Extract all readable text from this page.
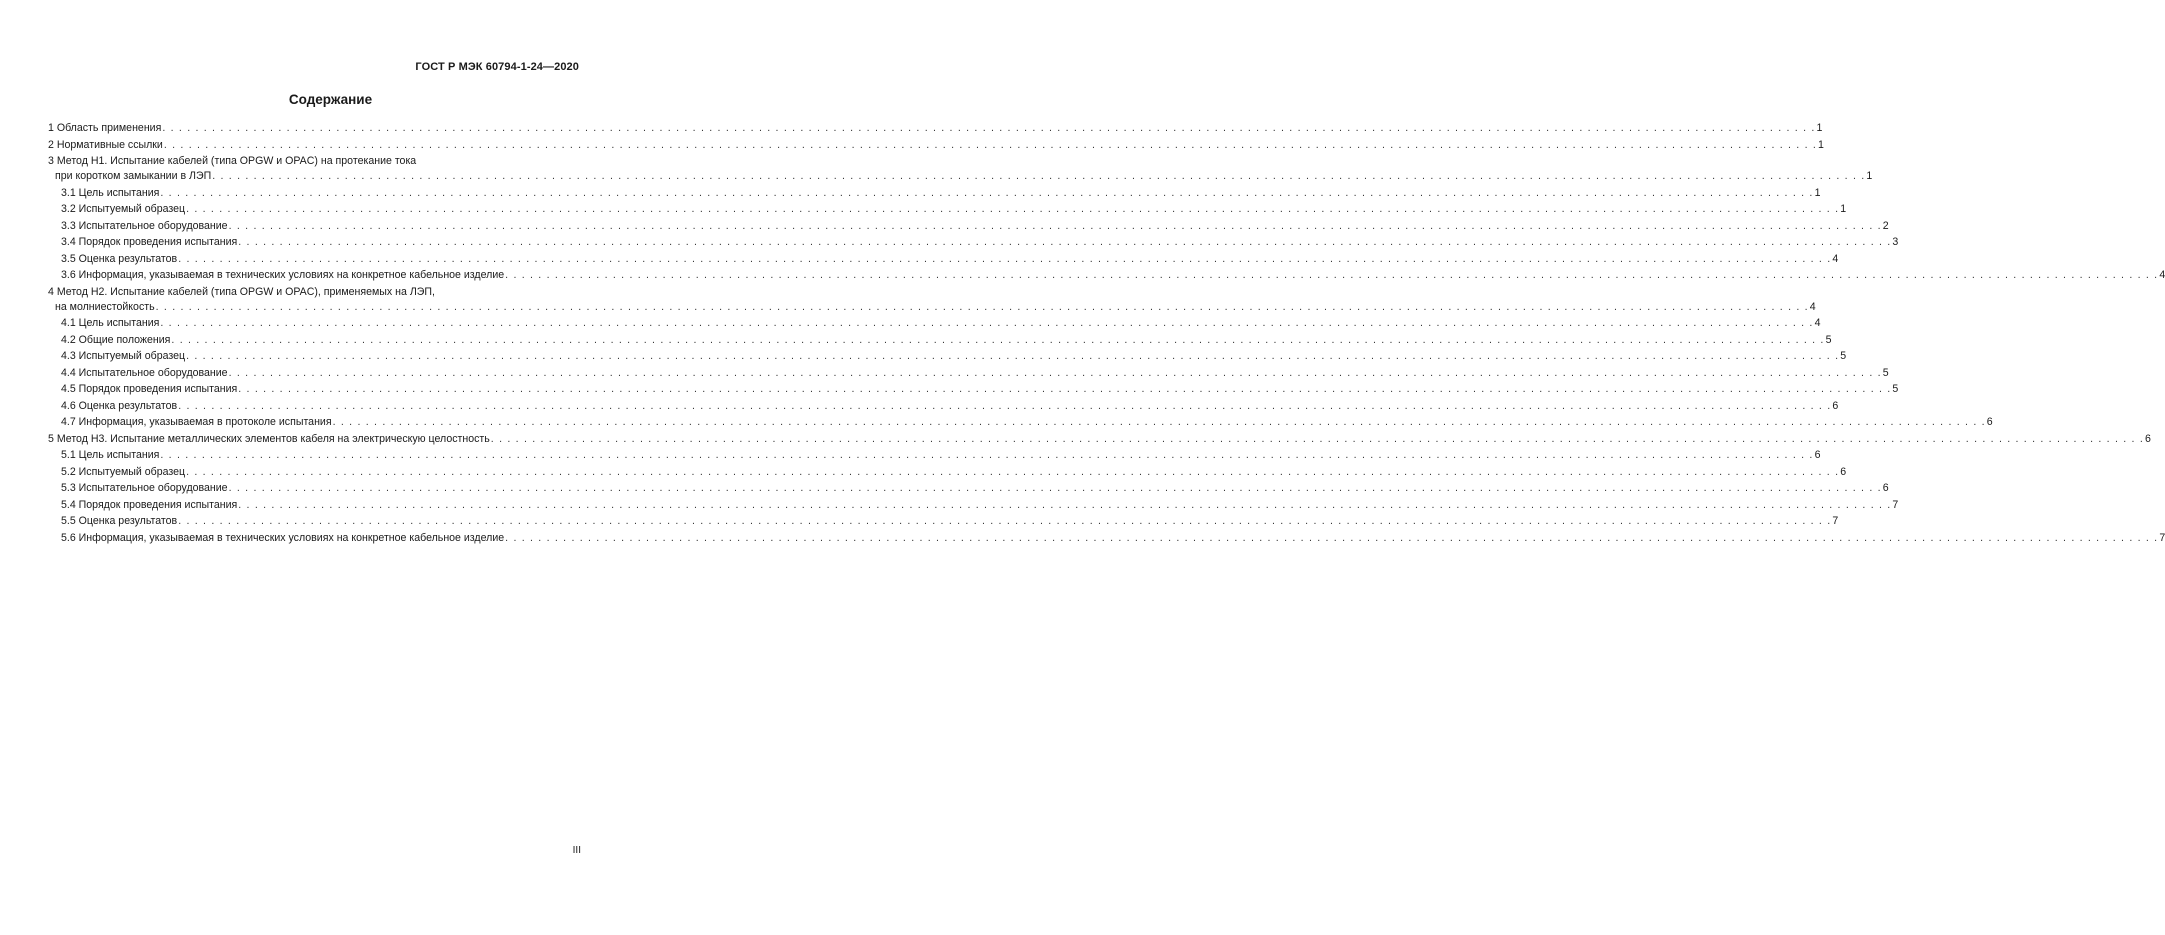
ГОСТ Р МЭК 60794-1-24—2020
Содержание
1 Область применения . . . . . . . . . . . . . . . . . . . . . . . . . . . . . . . . . . . . . . . . . . . . . . . . . . . . . . . . . . . . . . . . . . . . . . . . . . . . . . . . . . . . . . . . . . . . . . . . . . . . . . . . . . . . . . . . . . . . . . . . . . . . . . . . . . . . . . . . . . . . . . . . . . . . . . . . . . . . . . . . . . . . . . . . . . . . . . . . . . . . . . . . . . . . . . . . . . . . . . . . 1
2 Нормативные ссылки . . . . . . . . . . . . . . . . . . . . . . . . . . . . . . . . . . . . . . . . . . . . . . . . . . . . . . . . . . . . . . . . . . . . . . . . . . . . . . . . . . . . . . . . . . . . . . . . . . . . . . . . . . . . . . . . . . . . . . . . . . . . . . . . . . . . . . . . . . . . . . . . . . . . . . . . . . . . . . . . . . . . . . . . . . . . . . . . . . . . . . . . . . . . . . . . . . . . . . . . 1
3 Метод H1. Испытание кабелей (типа OPGW и OPAC) на протекание тока
при коротком замыкании в ЛЭП . . . . . . . . . . . . . . . . . . . . . . . . . . . . . . . . . . . . . . . . . . . . . . . . . . . . . . . . . . . . . . . . . . . . . . . . . . . . . . . . . . . . . . . . . . . . . . . . . . . . . . . . . . . . . . . . . . . . . . . . . . . . . . . . . . . . . . . . . . . . . . . . . . . . . . . . . . . . . . . . . . . . . . . . . . . . . . . . . . . . . . . . . . . . . . . . . . . . . . . . 1
3.1 Цель испытания . . . . . . . . . . . . . . . . . . . . . . . . . . . . . . . . . . . . . . . . . . . . . . . . . . . . . . . . . . . . . . . . . . . . . . . . . . . . . . . . . . . . . . . . . . . . . . . . . . . . . . . . . . . . . . . . . . . . . . . . . . . . . . . . . . . . . . . . . . . . . . . . . . . . . . . . . . . . . . . . . . . . . . . . . . . . . . . . . . . . . . . . . . . . . . . . . . . . . . . . 1
3.2 Испытуемый образец . . . . . . . . . . . . . . . . . . . . . . . . . . . . . . . . . . . . . . . . . . . . . . . . . . . . . . . . . . . . . . . . . . . . . . . . . . . . . . . . . . . . . . . . . . . . . . . . . . . . . . . . . . . . . . . . . . . . . . . . . . . . . . . . . . . . . . . . . . . . . . . . . . . . . . . . . . . . . . . . . . . . . . . . . . . . . . . . . . . . . . . . . . . . . . . . . . . . . . . . 1
3.3 Испытательное оборудование . . . . . . . . . . . . . . . . . . . . . . . . . . . . . . . . . . . . . . . . . . . . . . . . . . . . . . . . . . . . . . . . . . . . . . . . . . . . . . . . . . . . . . . . . . . . . . . . . . . . . . . . . . . . . . . . . . . . . . . . . . . . . . . . . . . . . . . . . . . . . . . . . . . . . . . . . . . . . . . . . . . . . . . . . . . . . . . . . . . . . . . . . . . . . . . . . . . . . . . . 2
3.4 Порядок проведения испытания . . . . . . . . . . . . . . . . . . . . . . . . . . . . . . . . . . . . . . . . . . . . . . . . . . . . . . . . . . . . . . . . . . . . . . . . . . . . . . . . . . . . . . . . . . . . . . . . . . . . . . . . . . . . . . . . . . . . . . . . . . . . . . . . . . . . . . . . . . . . . . . . . . . . . . . . . . . . . . . . . . . . . . . . . . . . . . . . . . . . . . . . . . . . . . . . . . . . . . . . 3
3.5 Оценка результатов . . . . . . . . . . . . . . . . . . . . . . . . . . . . . . . . . . . . . . . . . . . . . . . . . . . . . . . . . . . . . . . . . . . . . . . . . . . . . . . . . . . . . . . . . . . . . . . . . . . . . . . . . . . . . . . . . . . . . . . . . . . . . . . . . . . . . . . . . . . . . . . . . . . . . . . . . . . . . . . . . . . . . . . . . . . . . . . . . . . . . . . . . . . . . . . . . . . . . . . . 4
3.6 Информация, указываемая в технических условиях на конкретное кабельное изделие . . . . . . . . . . . . . . . . . . . . . . . . . . . . . . . . . . . . . . . . . . . . . . . . . . . . . . . . . . . . . . . . . . . . . . . . . . . . . . . . . . . . . . . . . . . . . . . . . . . . . . . . . . . . . . . . . . . . . . . . . . . . . . . . . . . . . . . . . . . . . . . . . . . . . . . . . . . . . . . . . . . . . . . . . . . . . . . . . . . . . . . . . . . . . . . . . . . . . . . . 4
4 Метод H2. Испытание кабелей (типа OPGW и OPAC), применяемых на ЛЭП,
на молниестойкость . . . . . . . . . . . . . . . . . . . . . . . . . . . . . . . . . . . . . . . . . . . . . . . . . . . . . . . . . . . . . . . . . . . . . . . . . . . . . . . . . . . . . . . . . . . . . . . . . . . . . . . . . . . . . . . . . . . . . . . . . . . . . . . . . . . . . . . . . . . . . . . . . . . . . . . . . . . . . . . . . . . . . . . . . . . . . . . . . . . . . . . . . . . . . . . . . . . . . . . . 4
4.1 Цель испытания . . . . . . . . . . . . . . . . . . . . . . . . . . . . . . . . . . . . . . . . . . . . . . . . . . . . . . . . . . . . . . . . . . . . . . . . . . . . . . . . . . . . . . . . . . . . . . . . . . . . . . . . . . . . . . . . . . . . . . . . . . . . . . . . . . . . . . . . . . . . . . . . . . . . . . . . . . . . . . . . . . . . . . . . . . . . . . . . . . . . . . . . . . . . . . . . . . . . . . . . 4
4.2 Общие положения . . . . . . . . . . . . . . . . . . . . . . . . . . . . . . . . . . . . . . . . . . . . . . . . . . . . . . . . . . . . . . . . . . . . . . . . . . . . . . . . . . . . . . . . . . . . . . . . . . . . . . . . . . . . . . . . . . . . . . . . . . . . . . . . . . . . . . . . . . . . . . . . . . . . . . . . . . . . . . . . . . . . . . . . . . . . . . . . . . . . . . . . . . . . . . . . . . . . . . . . 5
4.3 Испытуемый образец . . . . . . . . . . . . . . . . . . . . . . . . . . . . . . . . . . . . . . . . . . . . . . . . . . . . . . . . . . . . . . . . . . . . . . . . . . . . . . . . . . . . . . . . . . . . . . . . . . . . . . . . . . . . . . . . . . . . . . . . . . . . . . . . . . . . . . . . . . . . . . . . . . . . . . . . . . . . . . . . . . . . . . . . . . . . . . . . . . . . . . . . . . . . . . . . . . . . . . . . 5
4.4 Испытательное оборудование . . . . . . . . . . . . . . . . . . . . . . . . . . . . . . . . . . . . . . . . . . . . . . . . . . . . . . . . . . . . . . . . . . . . . . . . . . . . . . . . . . . . . . . . . . . . . . . . . . . . . . . . . . . . . . . . . . . . . . . . . . . . . . . . . . . . . . . . . . . . . . . . . . . . . . . . . . . . . . . . . . . . . . . . . . . . . . . . . . . . . . . . . . . . . . . . . . . . . . . . 5
4.5 Порядок проведения испытания . . . . . . . . . . . . . . . . . . . . . . . . . . . . . . . . . . . . . . . . . . . . . . . . . . . . . . . . . . . . . . . . . . . . . . . . . . . . . . . . . . . . . . . . . . . . . . . . . . . . . . . . . . . . . . . . . . . . . . . . . . . . . . . . . . . . . . . . . . . . . . . . . . . . . . . . . . . . . . . . . . . . . . . . . . . . . . . . . . . . . . . . . . . . . . . . . . . . . . . . 5
4.6 Оценка результатов . . . . . . . . . . . . . . . . . . . . . . . . . . . . . . . . . . . . . . . . . . . . . . . . . . . . . . . . . . . . . . . . . . . . . . . . . . . . . . . . . . . . . . . . . . . . . . . . . . . . . . . . . . . . . . . . . . . . . . . . . . . . . . . . . . . . . . . . . . . . . . . . . . . . . . . . . . . . . . . . . . . . . . . . . . . . . . . . . . . . . . . . . . . . . . . . . . . . . . . . 6
4.7 Информация, указываемая в протоколе испытания . . . . . . . . . . . . . . . . . . . . . . . . . . . . . . . . . . . . . . . . . . . . . . . . . . . . . . . . . . . . . . . . . . . . . . . . . . . . . . . . . . . . . . . . . . . . . . . . . . . . . . . . . . . . . . . . . . . . . . . . . . . . . . . . . . . . . . . . . . . . . . . . . . . . . . . . . . . . . . . . . . . . . . . . . . . . . . . . . . . . . . . . . . . . . . . . . . . . . . . . 6
5 Метод H3. Испытание металлических элементов кабеля на электрическую целостность . . . . . . . . . . . . . . . . . . . . . . . . . . . . . . . . . . . . . . . . . . . . . . . . . . . . . . . . . . . . . . . . . . . . . . . . . . . . . . . . . . . . . . . . . . . . . . . . . . . . . . . . . . . . . . . . . . . . . . . . . . . . . . . . . . . . . . . . . . . . . . . . . . . . . . . . . . . . . . . . . . . . . . . . . . . . . . . . . . . . . . . . . . . . . . . . . . . . . . . . 6
5.1 Цель испытания . . . . . . . . . . . . . . . . . . . . . . . . . . . . . . . . . . . . . . . . . . . . . . . . . . . . . . . . . . . . . . . . . . . . . . . . . . . . . . . . . . . . . . . . . . . . . . . . . . . . . . . . . . . . . . . . . . . . . . . . . . . . . . . . . . . . . . . . . . . . . . . . . . . . . . . . . . . . . . . . . . . . . . . . . . . . . . . . . . . . . . . . . . . . . . . . . . . . . . . . 6
5.2 Испытуемый образец . . . . . . . . . . . . . . . . . . . . . . . . . . . . . . . . . . . . . . . . . . . . . . . . . . . . . . . . . . . . . . . . . . . . . . . . . . . . . . . . . . . . . . . . . . . . . . . . . . . . . . . . . . . . . . . . . . . . . . . . . . . . . . . . . . . . . . . . . . . . . . . . . . . . . . . . . . . . . . . . . . . . . . . . . . . . . . . . . . . . . . . . . . . . . . . . . . . . . . . . 6
5.3 Испытательное оборудование . . . . . . . . . . . . . . . . . . . . . . . . . . . . . . . . . . . . . . . . . . . . . . . . . . . . . . . . . . . . . . . . . . . . . . . . . . . . . . . . . . . . . . . . . . . . . . . . . . . . . . . . . . . . . . . . . . . . . . . . . . . . . . . . . . . . . . . . . . . . . . . . . . . . . . . . . . . . . . . . . . . . . . . . . . . . . . . . . . . . . . . . . . . . . . . . . . . . . . . . 6
5.4 Порядок проведения испытания . . . . . . . . . . . . . . . . . . . . . . . . . . . . . . . . . . . . . . . . . . . . . . . . . . . . . . . . . . . . . . . . . . . . . . . . . . . . . . . . . . . . . . . . . . . . . . . . . . . . . . . . . . . . . . . . . . . . . . . . . . . . . . . . . . . . . . . . . . . . . . . . . . . . . . . . . . . . . . . . . . . . . . . . . . . . . . . . . . . . . . . . . . . . . . . . . . . . . . . . 7
5.5 Оценка результатов . . . . . . . . . . . . . . . . . . . . . . . . . . . . . . . . . . . . . . . . . . . . . . . . . . . . . . . . . . . . . . . . . . . . . . . . . . . . . . . . . . . . . . . . . . . . . . . . . . . . . . . . . . . . . . . . . . . . . . . . . . . . . . . . . . . . . . . . . . . . . . . . . . . . . . . . . . . . . . . . . . . . . . . . . . . . . . . . . . . . . . . . . . . . . . . . . . . . . . . . 7
5.6 Информация, указываемая в технических условиях на конкретное кабельное изделие . . . . . . . . . . . . . . . . . . . . . . . . . . . . . . . . . . . . . . . . . . . . . . . . . . . . . . . . . . . . . . . . . . . . . . . . . . . . . . . . . . . . . . . . . . . . . . . . . . . . . . . . . . . . . . . . . . . . . . . . . . . . . . . . . . . . . . . . . . . . . . . . . . . . . . . . . . . . . . . . . . . . . . . . . . . . . . . . . . . . . . . . . . . . . . . . . . . . . . . . 7
III
